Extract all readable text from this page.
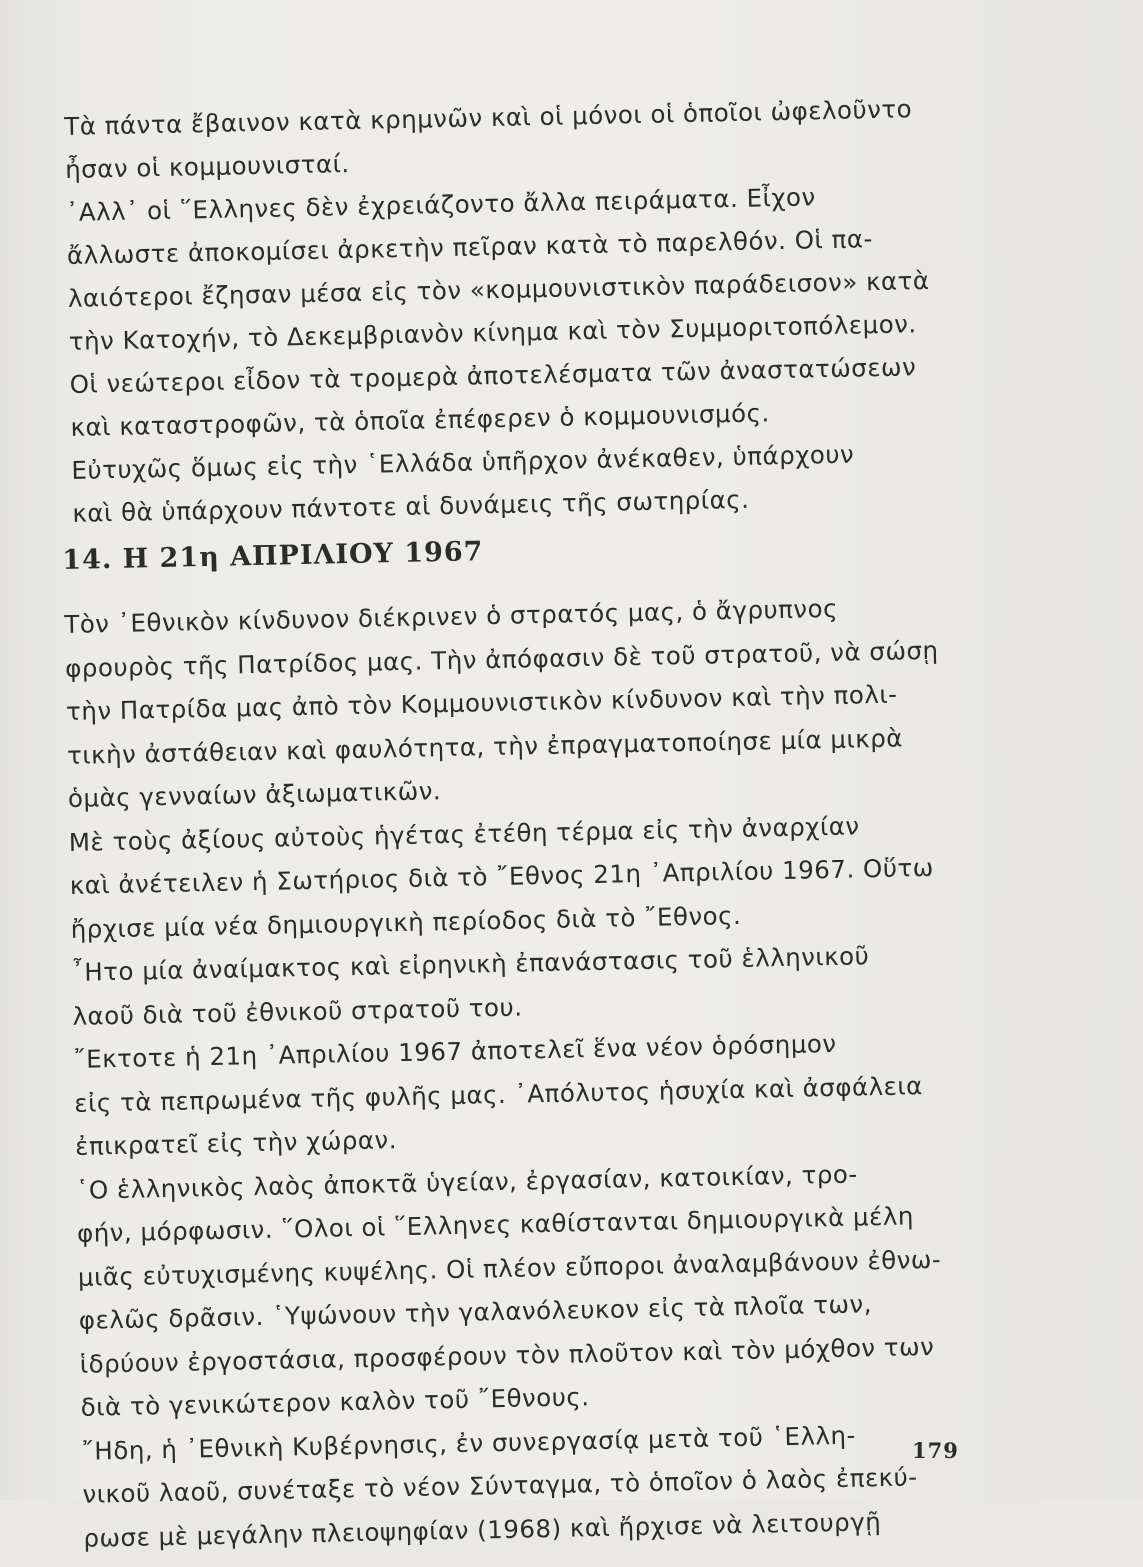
Τὰ πάντα ἔβαινον κατὰ κρημνῶν καὶ οἱ μόνοι οἱ ὁποῖοι ὠφελοῦντο
ἦσαν οἱ κομμουνισταί.
᾿Αλλ᾿ οἱ ῞Ελληνες δὲν ἐχρειάζοντο ἄλλα πειράματα. Εἶχον
ἄλλωστε ἀποκομίσει ἀρκετὴν πεῖραν κατὰ τὸ παρελθόν. Οἱ πα-
λαιότεροι ἔζησαν μέσα εἰς τὸν «κομμουνιστικὸν παράδεισον» κατὰ
τὴν Κατοχήν, τὸ Δεκεμβριανὸν κίνημα καὶ τὸν Συμμοριτοπόλεμον.
Οἱ νεώτεροι εἶδον τὰ τρομερὰ ἀποτελέσματα τῶν ἀναστατώσεων
καὶ καταστροφῶν, τὰ ὁποῖα ἐπέφερεν ὁ κομμουνισμός.
Εὐτυχῶς ὅμως εἰς τὴν ῾Ελλάδα ὑπῆρχον ἀνέκαθεν, ὑπάρχουν
καὶ θὰ ὑπάρχουν πάντοτε αἱ δυνάμεις τῆς σωτηρίας.
14. Η 21η ΑΠΡΙΛΙΟΥ 1967
Τὸν ᾿Εθνικὸν κίνδυνον διέκρινεν ὁ στρατός μας, ὁ ἄγρυπνος
φρουρὸς τῆς Πατρίδος μας. Τὴν ἀπόφασιν δὲ τοῦ στρατοῦ, νὰ σώσῃ
τὴν Πατρίδα μας ἀπὸ τὸν Κομμουνιστικὸν κίνδυνον καὶ τὴν πολι-
τικὴν ἀστάθειαν καὶ φαυλότητα, τὴν ἐπραγματοποίησε μία μικρὰ
ὁμὰς γενναίων ἀξιωματικῶν.
Μὲ τοὺς ἀξίους αὐτοὺς ἡγέτας ἐτέθη τέρμα εἰς τὴν ἀναρχίαν
καὶ ἀνέτειλεν ἡ Σωτήριος διὰ τὸ ῎Εθνος 21η ᾿Απριλίου 1967. Οὕτω
ἤρχισε μία νέα δημιουργικὴ περίοδος διὰ τὸ ῎Εθνος.
῏Ητο μία ἀναίμακτος καὶ εἰρηνικὴ ἐπανάστασις τοῦ ἑλληνικοῦ
λαοῦ διὰ τοῦ ἐθνικοῦ στρατοῦ του.
῎Εκτοτε ἡ 21η ᾿Απριλίου 1967 ἀποτελεῖ ἕνα νέον ὁρόσημον
εἰς τὰ πεπρωμένα τῆς φυλῆς μας. ᾿Απόλυτος ἡσυχία καὶ ἀσφάλεια
ἐπικρατεῖ εἰς τὴν χώραν.
῾Ο ἑλληνικὸς λαὸς ἀποκτᾶ ὑγείαν, ἐργασίαν, κατοικίαν, τρο-
φήν, μόρφωσιν. ῞Ολοι οἱ ῞Ελληνες καθίστανται δημιουργικὰ μέλη
μιᾶς εὐτυχισμένης κυψέλης. Οἱ πλέον εὔποροι ἀναλαμβάνουν ἐθνω-
φελῶς δρᾶσιν. ῾Υψώνουν τὴν γαλανόλευκον εἰς τὰ πλοῖα των,
ἱδρύουν ἐργοστάσια, προσφέρουν τὸν πλοῦτον καὶ τὸν μόχθον των
διὰ τὸ γενικώτερον καλὸν τοῦ ῎Εθνους.
῎Ηδη, ἡ ᾿Εθνικὴ Κυβέρνησις, ἐν συνεργασίᾳ μετὰ τοῦ ῾Ελλη-
νικοῦ λαοῦ, συνέταξε τὸ νέον Σύνταγμα, τὸ ὁποῖον ὁ λαὸς ἐπεκύ-
ρωσε μὲ μεγάλην πλειοψηφίαν (1968) καὶ ἤρχισε νὰ λειτουργῇ
179
